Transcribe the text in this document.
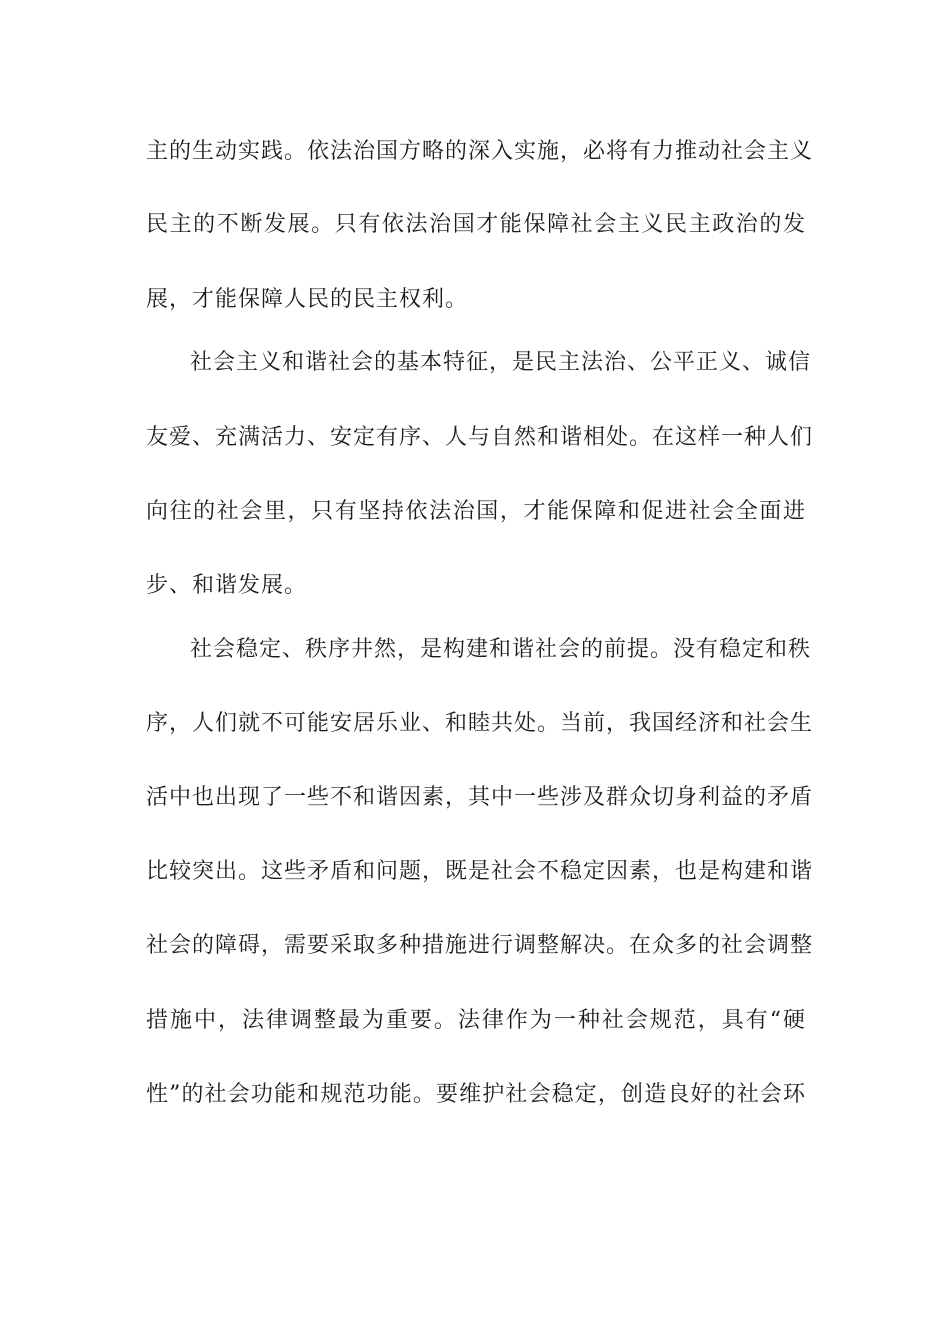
主的生动实践。依法治国方略的深入实施，必将有力推动社会主义
民主的不断发展。只有依法治国才能保障社会主义民主政治的发
展，才能保障人民的民主权利。
社会主义和谐社会的基本特征，是民主法治、公平正义、诚信
友爱、充满活力、安定有序、人与自然和谐相处。在这样一种人们
向往的社会里，只有坚持依法治国，才能保障和促进社会全面进
步、和谐发展。
社会稳定、秩序井然，是构建和谐社会的前提。没有稳定和秩
序，人们就不可能安居乐业、和睦共处。当前，我国经济和社会生
活中也出现了一些不和谐因素，其中一些涉及群众切身利益的矛盾
比较突出。这些矛盾和问题，既是社会不稳定因素，也是构建和谐
社会的障碍，需要采取多种措施进行调整解决。在众多的社会调整
措施中，法律调整最为重要。法律作为一种社会规范，具有“硬
性”的社会功能和规范功能。要维护社会稳定，创造良好的社会环
